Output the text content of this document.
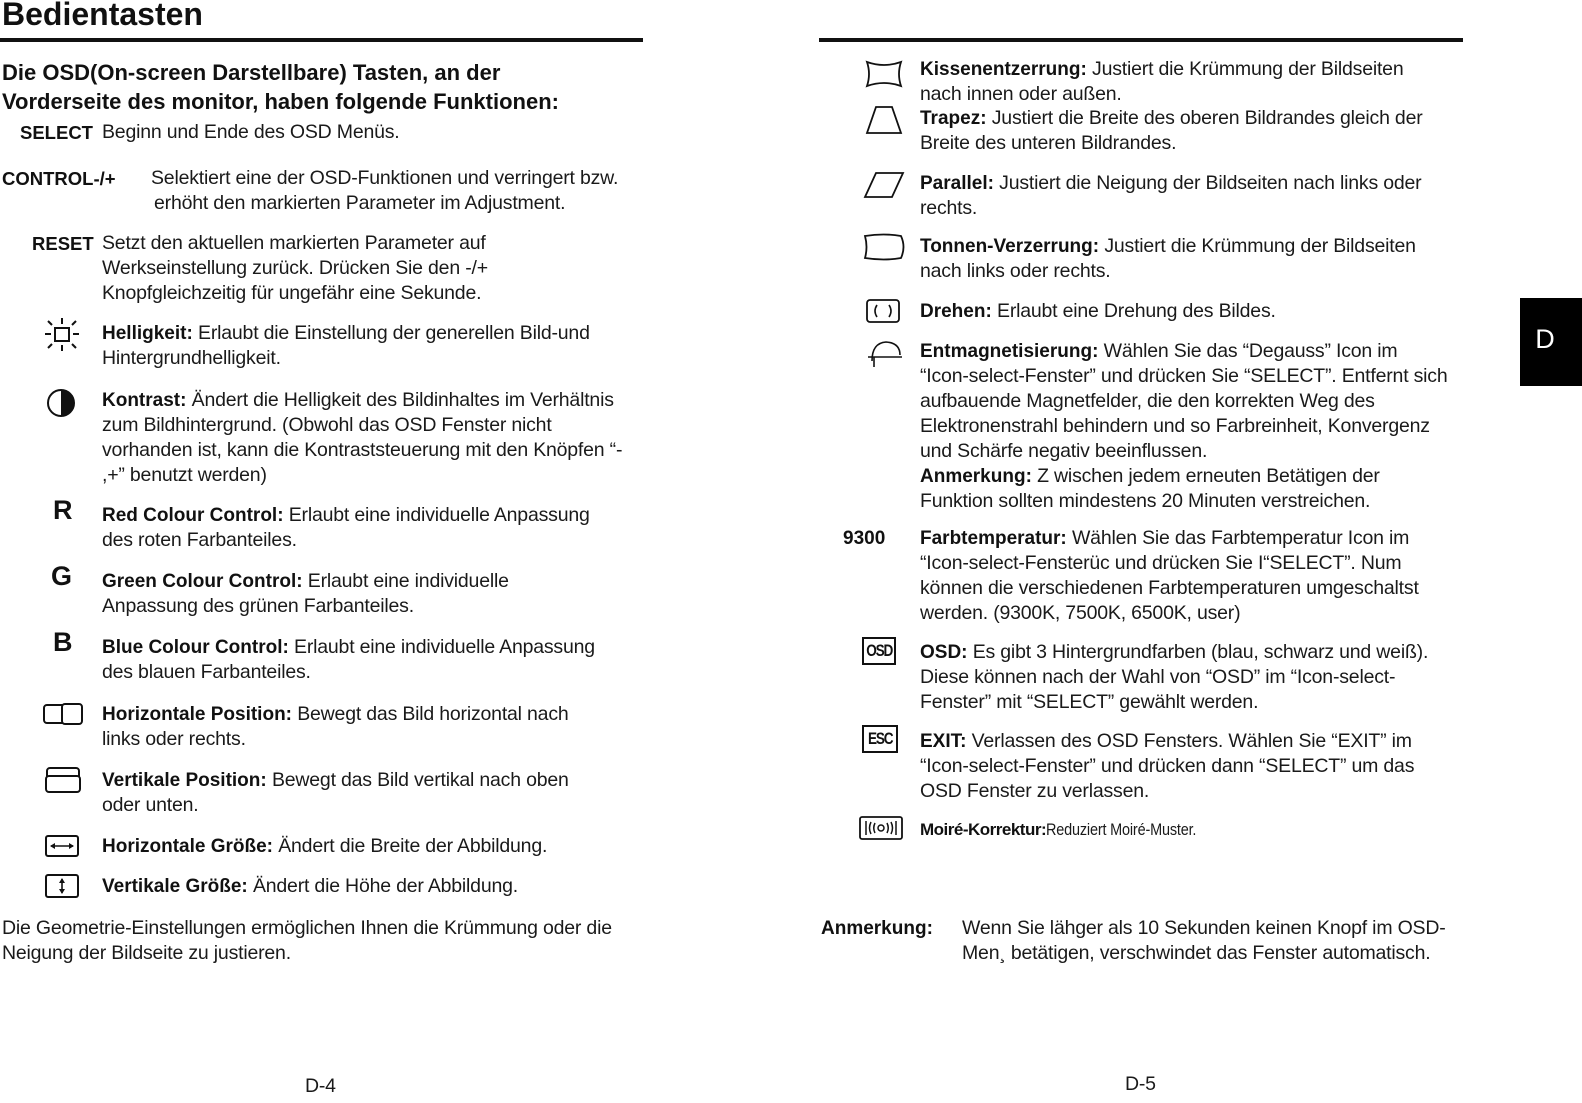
Bedientasten
Die OSD(On-screen Darstellbare) Tasten, an der
Vorderseite des monitor, haben folgende Funktionen:
SELECT Beginn und Ende des OSD Menüs.
CONTROL-/+ Selektiert eine der OSD-Funktionen und verringert bzw.
erhöht den markierten Parameter im Adjustment.
RESET Setzt den aktuellen markierten Parameter auf
Werkseinstellung zurück. Drücken Sie den -/+
Knopfgleichzeitig für ungefähr eine Sekunde.
Helligkeit: Erlaubt die Einstellung der generellen Bild-und
Hintergrundhelligkeit.
Kontrast: Ändert die Helligkeit des Bildinhaltes im Verhältnis
zum Bildhintergrund. (Obwohl das OSD Fenster nicht
vorhanden ist, kann die Kontraststeuerung mit den Knöpfen “-
,+” benutzt werden)
R Red Colour Control: Erlaubt eine individuelle Anpassung
des roten Farbanteiles.
G Green Colour Control: Erlaubt eine individuelle
Anpassung des grünen Farbanteiles.
B Blue Colour Control: Erlaubt eine individuelle Anpassung
des blauen Farbanteiles.
Horizontale Position: Bewegt das Bild horizontal nach
links oder rechts.
Vertikale Position: Bewegt das Bild vertikal nach oben
oder unten.
Horizontale Größe: Ändert die Breite der Abbildung.
Vertikale Größe: Ändert die Höhe der Abbildung.
Die Geometrie-Einstellungen ermöglichen Ihnen die Krümmung oder die
Neigung der Bildseite zu justieren.
D-4
Kissenentzerrung: Justiert die Krümmung der Bildseiten
nach innen oder außen.
Trapez: Justiert die Breite des oberen Bildrandes gleich der
Breite des unteren Bildrandes.
Parallel: Justiert die Neigung der Bildseiten nach links oder
rechts.
Tonnen-Verzerrung: Justiert die Krümmung der Bildseiten
nach links oder rechts.
Drehen: Erlaubt eine Drehung des Bildes.
Entmagnetisierung: Wählen Sie das “Degauss” Icon im
“Icon-select-Fenster” und drücken Sie “SELECT”. Entfernt sich
aufbauende Magnetfelder, die den korrekten Weg des
Elektronenstrahl behindern und so Farbreinheit, Konvergenz
und Schärfe negativ beeinflussen.
Anmerkung: Z wischen jedem erneuten Betätigen der
Funktion sollten mindestens 20 Minuten verstreichen.
9300 Farbtemperatur: Wählen Sie das Farbtemperatur Icon im
“Icon-select-Fensterüc und drücken Sie I“SELECT”. Num
können die verschiedenen Farbtemperaturen umgeschaltst
werden. (9300K, 7500K, 6500K, user)
OSD OSD: Es gibt 3 Hintergrundfarben (blau, schwarz und weiß).
Diese können nach der Wahl von “OSD” im “Icon-select-
Fenster” mit “SELECT” gewählt werden.
ESC EXIT: Verlassen des OSD Fensters. Wählen Sie “EXIT” im
“Icon-select-Fenster” und drücken dann “SELECT” um das
OSD Fenster zu verlassen.
Moiré-Korrektur:Reduziert Moiré-Muster.
Anmerkung: Wenn Sie lähger als 10 Sekunden keinen Knopf im OSD-
Men¸ betätigen, verschwindet das Fenster automatisch.
D-5
D
